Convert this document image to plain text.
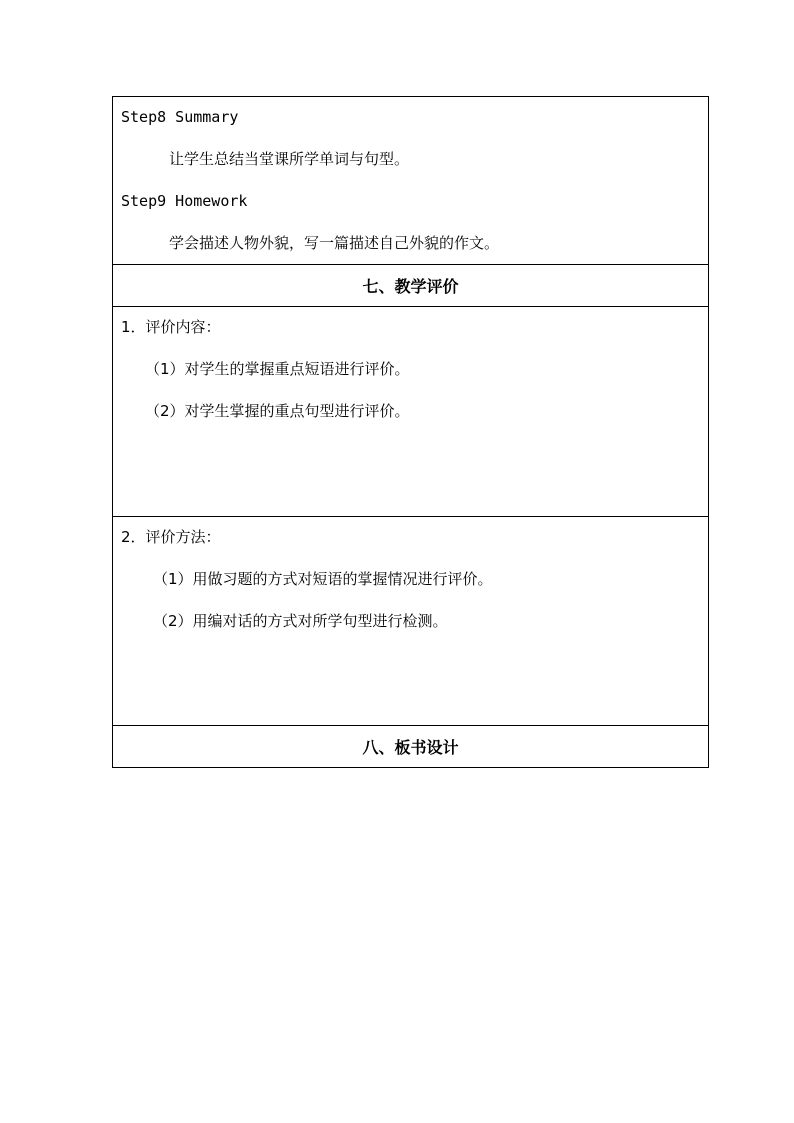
Step8 Summary
让学生总结当堂课所学单词与句型。
Step9 Homework
学会描述人物外貌，写一篇描述自己外貌的作文。
七、教学评价
1．评价内容：
（1）对学生的掌握重点短语进行评价。
（2）对学生掌握的重点句型进行评价。
2．评价方法：
（1）用做习题的方式对短语的掌握情况进行评价。
（2）用编对话的方式对所学句型进行检测。
八、板书设计
